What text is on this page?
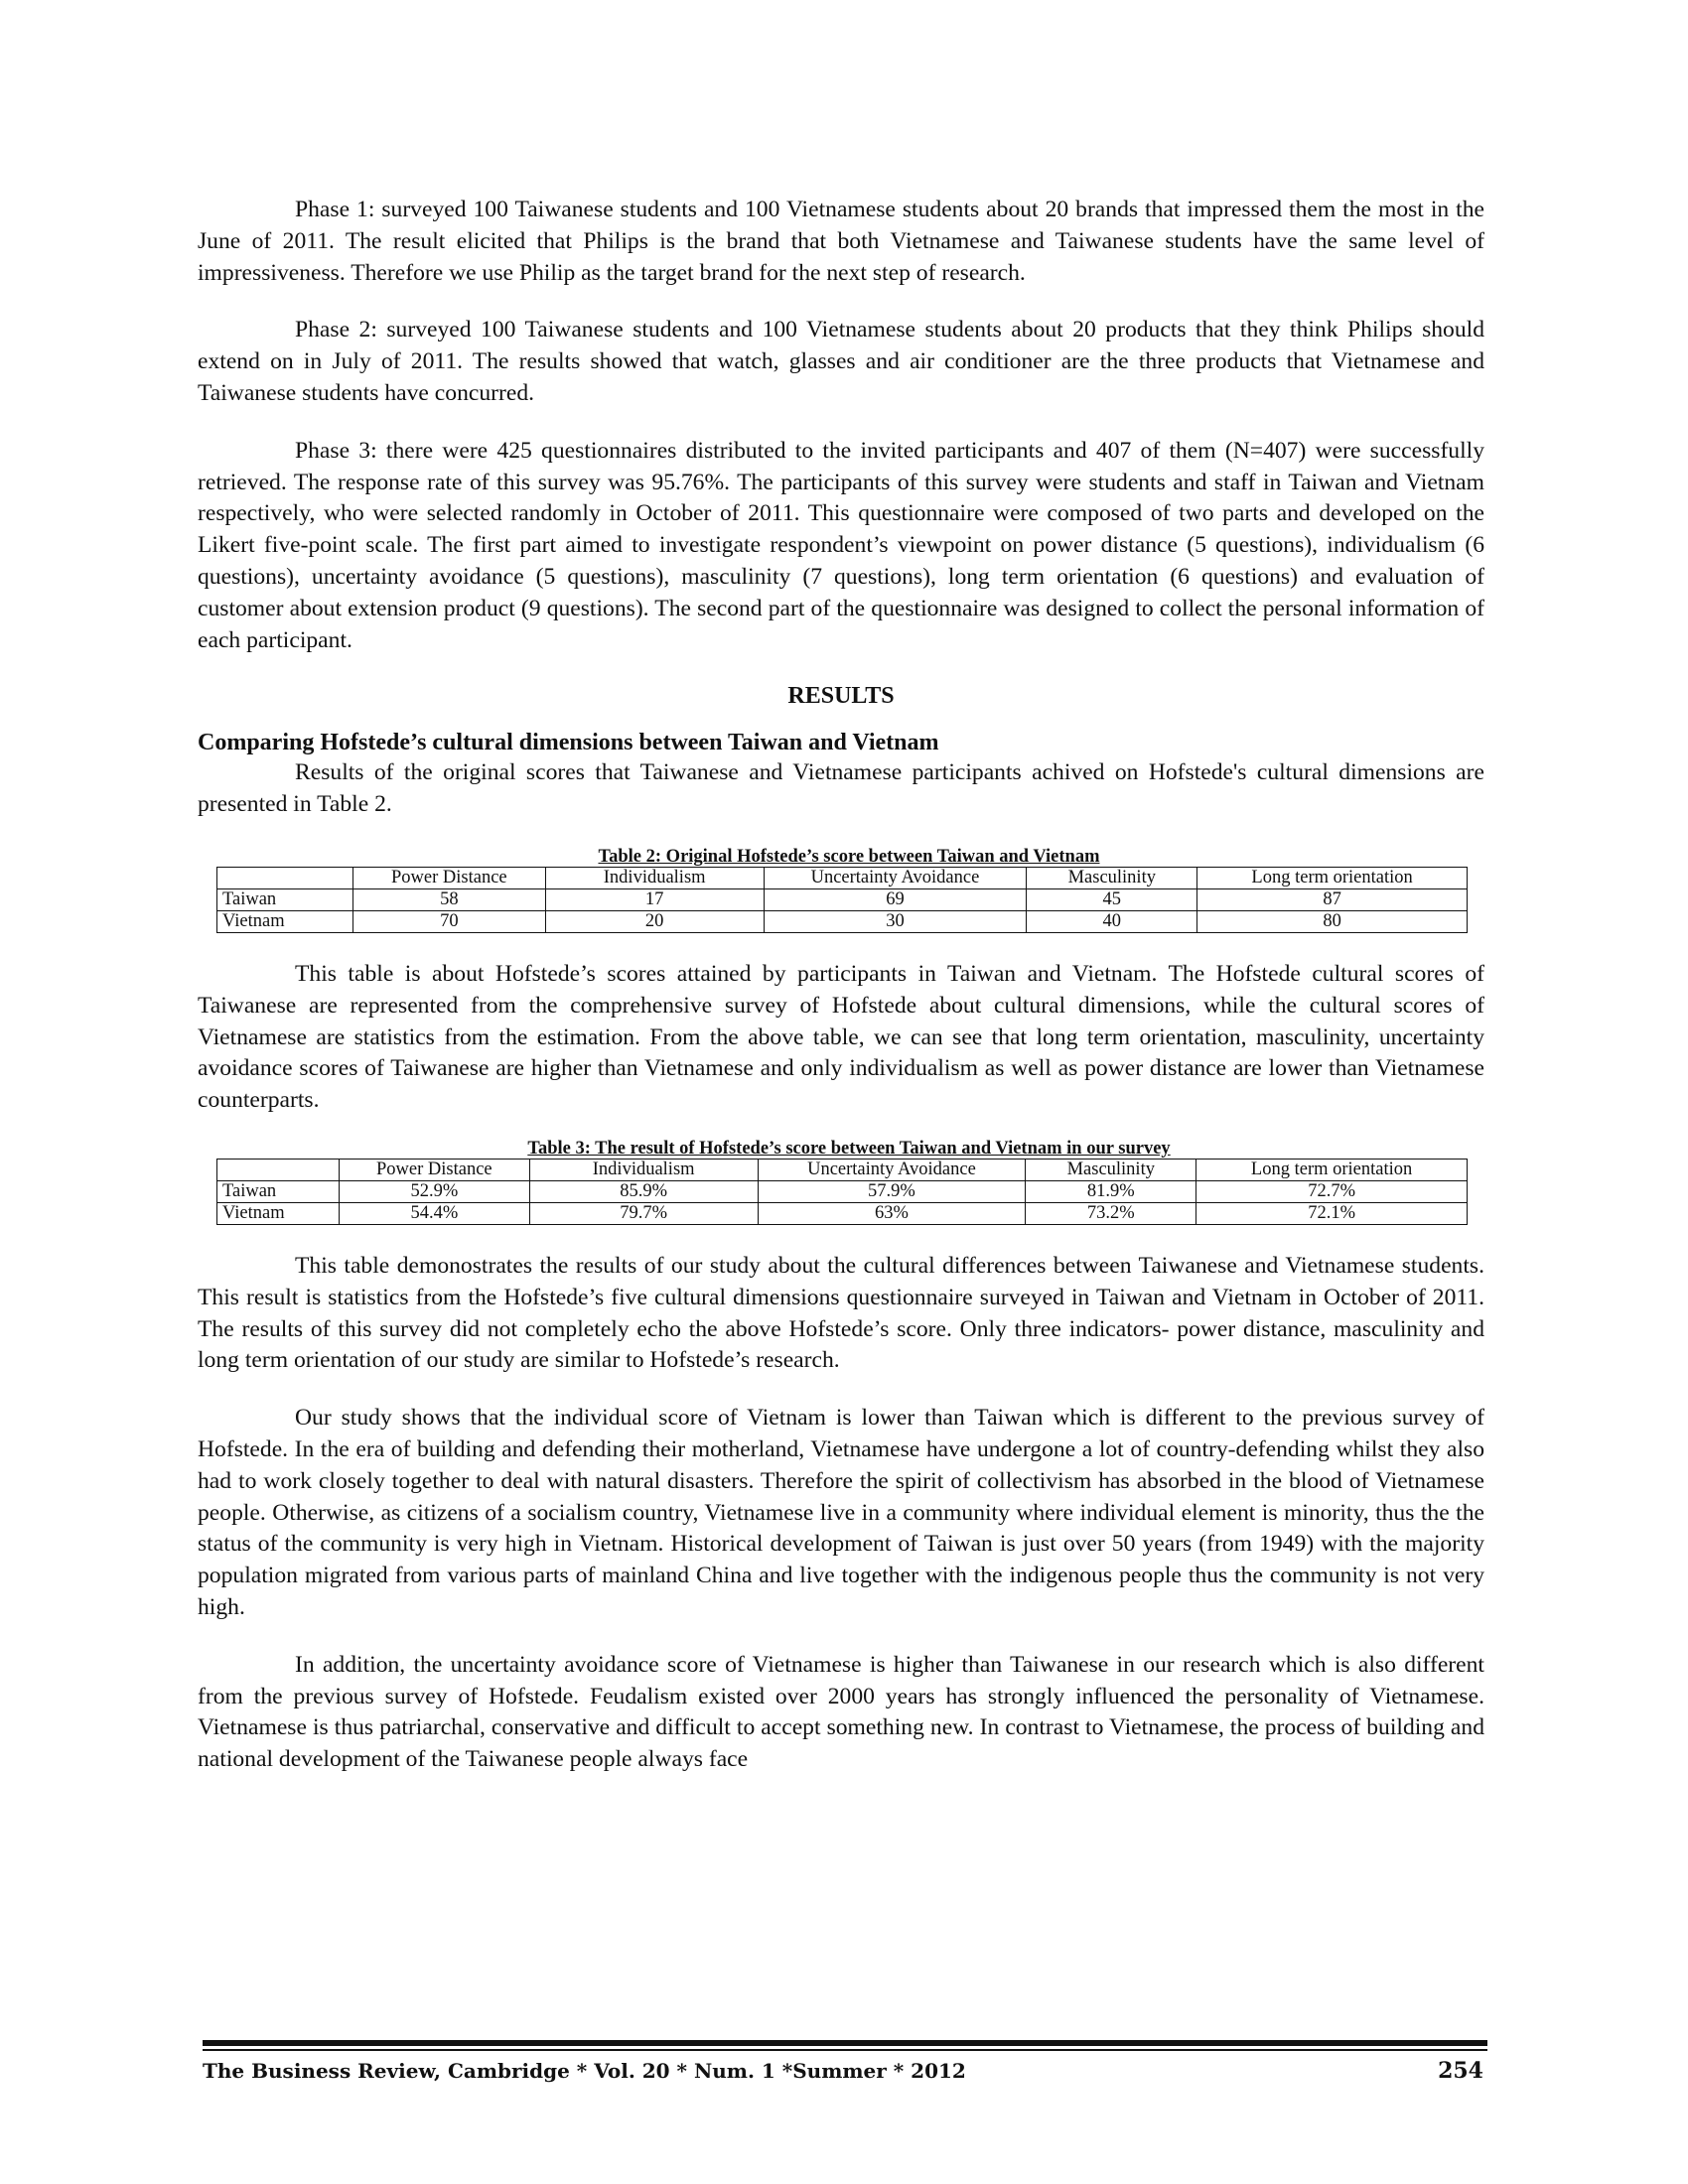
Phase 1: surveyed 100 Taiwanese students and 100 Vietnamese students about 20 brands that impressed them the most in the June of 2011. The result elicited that Philips is the brand that both Vietnamese and Taiwanese students have the same level of impressiveness. Therefore we use Philip as the target brand for the next step of research.

Phase 2: surveyed 100 Taiwanese students and 100 Vietnamese students about 20 products that they think Philips should extend on in July of 2011. The results showed that watch, glasses and air conditioner are the three products that Vietnamese and Taiwanese students have concurred.

Phase 3: there were 425 questionnaires distributed to the invited participants and 407 of them (N=407) were successfully retrieved. The response rate of this survey was 95.76%. The participants of this survey were students and staff in Taiwan and Vietnam respectively, who were selected randomly in October of 2011. This questionnaire were composed of two parts and developed on the Likert five-point scale. The first part aimed to investigate respondent’s viewpoint on power distance (5 questions), individualism (6 questions), uncertainty avoidance (5 questions), masculinity (7 questions), long term orientation (6 questions) and evaluation of customer about extension product (9 questions). The second part of the questionnaire was designed to collect the personal information of each participant.

RESULTS
Comparing Hofstede’s cultural dimensions between Taiwan and Vietnam

Results of the original scores that Taiwanese and Vietnamese participants achived on Hofstede's cultural dimensions are presented in Table 2.

Table 2: Original Hofstede’s score between Taiwan and Vietnam

	Power Distance	Individualism	Uncertainty Avoidance	Masculinity	Long term orientation
Taiwan	58	17	69	45	87
Vietnam	70	20	30	40	80

This table is about Hofstede’s scores attained by participants in Taiwan and Vietnam. The Hofstede cultural scores of Taiwanese are represented from the comprehensive survey of Hofstede about cultural dimensions, while the cultural scores of Vietnamese are statistics from the estimation. From the above table, we can see that long term orientation, masculinity, uncertainty avoidance scores of Taiwanese are higher than Vietnamese and only individualism as well as power distance are lower than Vietnamese counterparts.

Table 3: The result of Hofstede’s score between Taiwan and Vietnam in our survey

	Power Distance	Individualism	Uncertainty Avoidance	Masculinity	Long term orientation
Taiwan	52.9%	85.9%	57.9%	81.9%	72.7%
Vietnam	54.4%	79.7%	63%	73.2%	72.1%

This table demonostrates the results of our study about the cultural differences between Taiwanese and Vietnamese students. This result is statistics from the Hofstede’s five cultural dimensions questionnaire surveyed in Taiwan and Vietnam in October of 2011. The results of this survey did not completely echo the above Hofstede’s score. Only three indicators- power distance, masculinity and long term orientation of our study are similar to Hofstede’s research.

Our study shows that the individual score of Vietnam is lower than Taiwan which is different to the previous survey of Hofstede. In the era of building and defending their motherland, Vietnamese have undergone a lot of country-defending whilst they also had to work closely together to deal with natural disasters. Therefore the spirit of collectivism has absorbed in the blood of Vietnamese people. Otherwise, as citizens of a socialism country, Vietnamese live in a community where individual element is minority, thus the the status of the community is very high in Vietnam. Historical development of Taiwan is just over 50 years (from 1949) with the majority population migrated from various parts of mainland China and live together with the indigenous people thus the community is not very high.

In addition, the uncertainty avoidance score of Vietnamese is higher than Taiwanese in our research which is also different from the previous survey of Hofstede. Feudalism existed over 2000 years has strongly influenced the personality of Vietnamese. Vietnamese is thus patriarchal, conservative and difficult to accept something new. In contrast to Vietnamese, the process of building and national development of the Taiwanese people always face

The Business Review, Cambridge * Vol. 20 * Num. 1 *Summer * 2012	254
